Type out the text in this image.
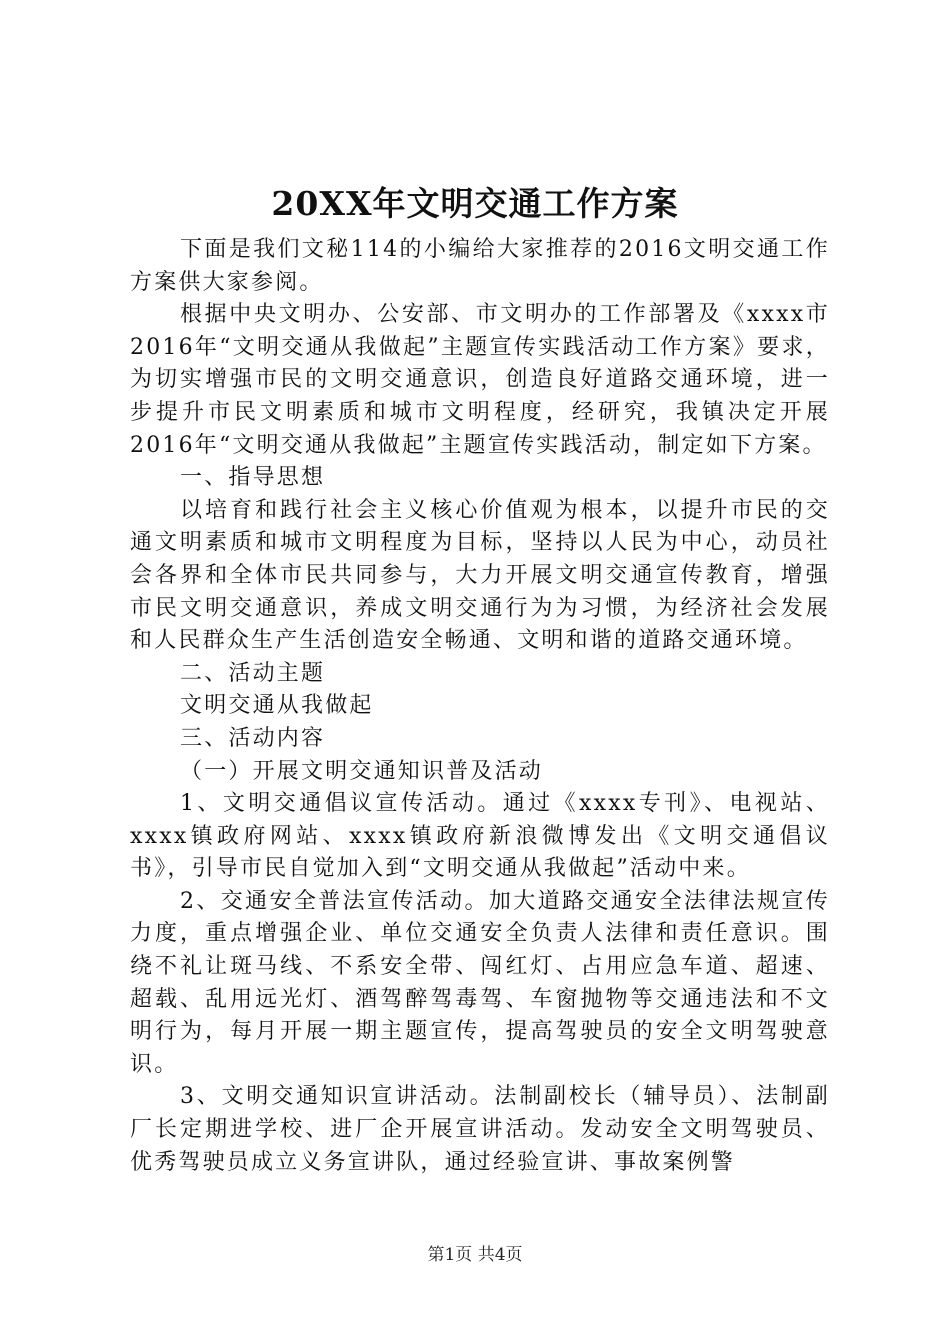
20XX年文明交通工作方案

下面是我们文秘114的小编给大家推荐的2016文明交通工作方案供大家参阅。

根据中央文明办、公安部、市文明办的工作部署及《xxxx市2016年“文明交通从我做起”主题宣传实践活动工作方案》要求，为切实增强市民的文明交通意识，创造良好道路交通环境，进一步提升市民文明素质和城市文明程度，经研究，我镇决定开展2016年“文明交通从我做起”主题宣传实践活动，制定如下方案。

一、指导思想

以培育和践行社会主义核心价值观为根本，以提升市民的交通文明素质和城市文明程度为目标，坚持以人民为中心，动员社会各界和全体市民共同参与，大力开展文明交通宣传教育，增强市民文明交通意识，养成文明交通行为为习惯，为经济社会发展和人民群众生产生活创造安全畅通、文明和谐的道路交通环境。

二、活动主题

文明交通从我做起

三、活动内容

（一）开展文明交通知识普及活动

1、文明交通倡议宣传活动。通过《xxxx专刊》、电视站、xxxx镇政府网站、xxxx镇政府新浪微博发出《文明交通倡议书》，引导市民自觉加入到“文明交通从我做起”活动中来。

2、交通安全普法宣传活动。加大道路交通安全法律法规宣传力度，重点增强企业、单位交通安全负责人法律和责任意识。围绕不礼让斑马线、不系安全带、闯红灯、占用应急车道、超速、超载、乱用远光灯、酒驾醉驾毒驾、车窗抛物等交通违法和不文明行为，每月开展一期主题宣传，提高驾驶员的安全文明驾驶意识。

3、文明交通知识宣讲活动。法制副校长（辅导员）、法制副厂长定期进学校、进厂企开展宣讲活动。发动安全文明驾驶员、优秀驾驶员成立义务宣讲队，通过经验宣讲、事故案例警

第1页 共4页
